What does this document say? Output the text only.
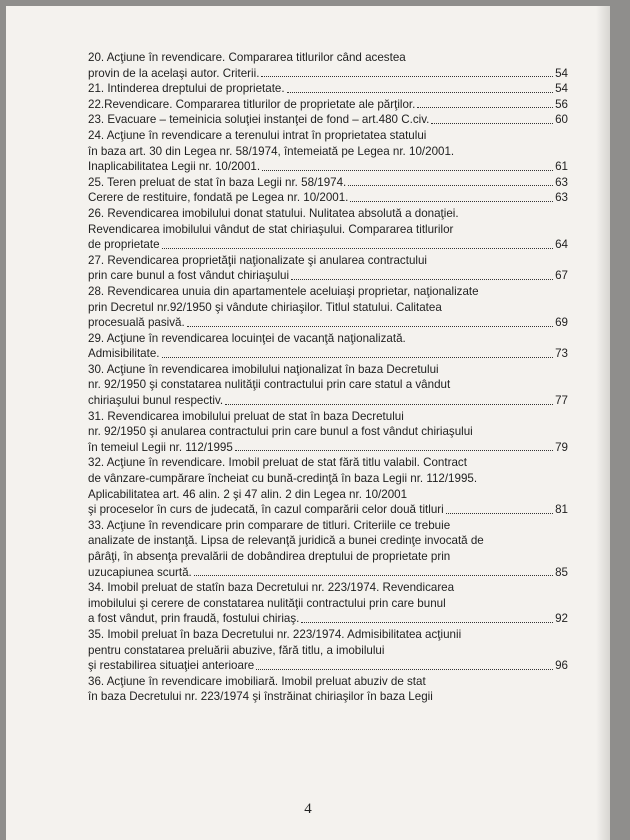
20. Acţiune în revendicare. Compararea titlurilor când acestea
provin de la acelaşi autor. Criterii.	54
21. Intinderea dreptului de proprietate.	54
22.Revendicare. Compararea titlurilor de proprietate ale părţilor.	56
23. Evacuare – temeinicia soluţiei instanţei de fond – art.480 C.civ.	60
24. Acţiune în revendicare a terenului intrat în proprietatea statului
în baza art. 30 din Legea nr. 58/1974, întemeiată pe Legea nr. 10/2001.
Inaplicabilitatea Legii nr. 10/2001.	61
25. Teren preluat de stat în baza Legii nr. 58/1974.	63
Cerere de restituire, fondată pe Legea nr. 10/2001.	63
26. Revendicarea imobilului donat statului. Nulitatea absolută a donaţiei.
Revendicarea imobilului vândut de stat chiriaşului. Compararea titlurilor
de proprietate	64
27. Revendicarea proprietăţii naţionalizate şi anularea contractului
prin care bunul a fost vândut chiriaşului	67
28. Revendicarea unuia din apartamentele aceluiaşi proprietar, naţionalizate
prin Decretul nr.92/1950 şi vândute chiriaşilor. Titlul statului. Calitatea
procesuală pasivă.	69
29. Acţiune în revendicarea locuinţei de vacanţă naţionalizată.
Admisibilitate.	73
30. Acţiune în revendicarea imobilului naţionalizat în baza Decretului
nr. 92/1950 şi constatarea nulităţii contractului prin care statul a vândut
chiriaşului bunul respectiv.	77
31. Revendicarea imobilului preluat de stat în baza Decretului
nr. 92/1950 şi anularea contractului prin care bunul a fost vândut chiriaşului
în temeiul Legii nr. 112/1995	79
32. Acţiune în revendicare. Imobil preluat de stat fără titlu valabil. Contract
de vânzare-cumpărare încheiat cu bună-credinţă în baza Legii nr. 112/1995.
Aplicabilitatea art. 46 alin. 2 şi 47 alin. 2 din Legea nr. 10/2001
şi proceselor în curs de judecată, în cazul comparării celor două titluri	81
33. Acţiune în revendicare prin comparare de titluri. Criteriile ce trebuie
analizate de instanţă. Lipsa de relevanţă juridică a bunei credinţe invocată de
pârâţi, în absenţa prevalării de dobândirea dreptului de proprietate prin
uzucapiunea scurtă.	85
34. Imobil preluat de statîn baza Decretului nr. 223/1974. Revendicarea
imobilului şi cerere de constatarea nulităţii contractului prin care bunul
a fost vândut, prin fraudă, fostului chiriaş.	92
35. Imobil preluat în baza Decretului nr. 223/1974. Admisibilitatea acţiunii
pentru constatarea preluării abuzive, fără titlu, a imobilului
şi restabilirea situaţiei anterioare	96
36. Acţiune în revendicare imobiliară. Imobil preluat abuziv de stat
în baza Decretului nr. 223/1974 şi înstrăinat chiriaşilor în baza Legii
4
